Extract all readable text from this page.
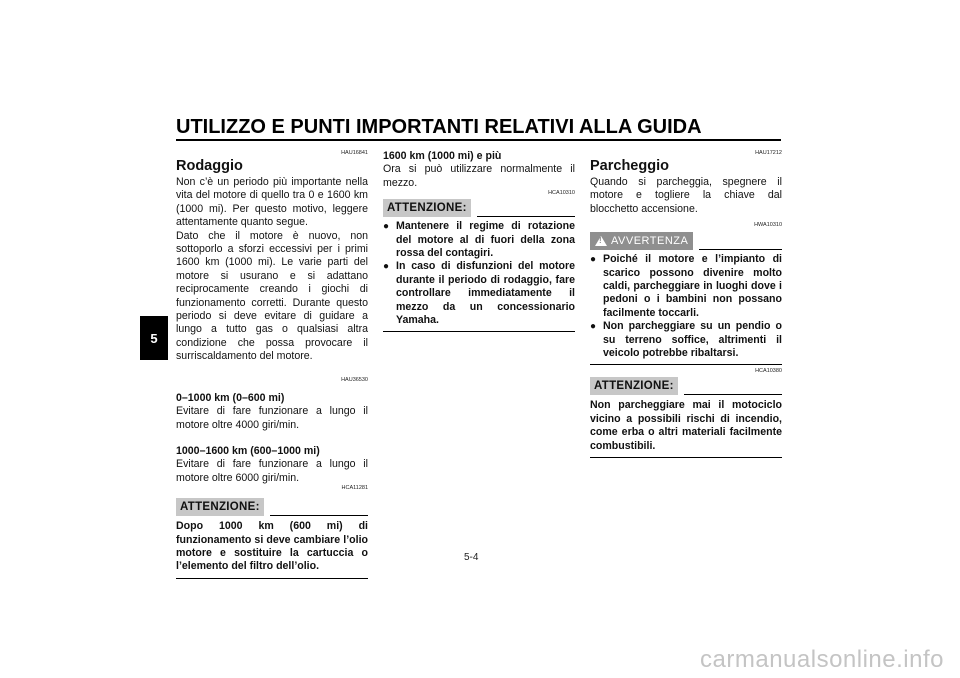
UTILIZZO E PUNTI IMPORTANTI RELATIVI ALLA GUIDA
5
HAU16841
Rodaggio

Non c’è un periodo più importante nella vita del motore di quello tra 0 e 1600 km (1000 mi). Per questo motivo, leggere attentamente quanto segue.

Dato che il motore è nuovo, non sottoporlo a sforzi eccessivi per i primi 1600 km (1000 mi). Le varie parti del motore si usurano e si adattano reciprocamente creando i giochi di funzionamento corretti. Durante questo periodo si deve evitare di guidare a lungo a tutto gas o qualsiasi altra condizione che possa provocare il surriscaldamento del motore.

HAU36530
0–1000 km (0–600 mi)

Evitare di fare funzionare a lungo il motore oltre 4000 giri/min.

1000–1600 km (600–1000 mi)

Evitare di fare funzionare a lungo il motore oltre 6000 giri/min.

HCA11281
ATTENZIONE:

Dopo 1000 km (600 mi) di funzionamento si deve cambiare l’olio motore e sostituire la cartuccia o l’elemento del filtro dell’olio.

1600 km (1000 mi) e più

Ora si può utilizzare normalmente il mezzo.

HCA10310
ATTENZIONE:
● Mantenere il regime di rotazione del motore al di fuori della zona rossa del contagiri.
● In caso di disfunzioni del motore durante il periodo di rodaggio, fare controllare immediatamente il mezzo da un concessionario Yamaha.
HAU17212
Parcheggio

Quando si parcheggia, spegnere il motore e togliere la chiave dal blocchetto accensione.

HWA10310
!
AVVERTENZA
● Poiché il motore e l’impianto di scarico possono divenire molto caldi, parcheggiare in luoghi dove i pedoni o i bambini non possano facilmente toccarli.
● Non parcheggiare su un pendio o su terreno soffice, altrimenti il veicolo potrebbe ribaltarsi.
HCA10380
ATTENZIONE:

Non parcheggiare mai il motociclo vicino a possibili rischi di incendio, come erba o altri materiali facilmente combustibili.

5-4
carmanualsonline.info
